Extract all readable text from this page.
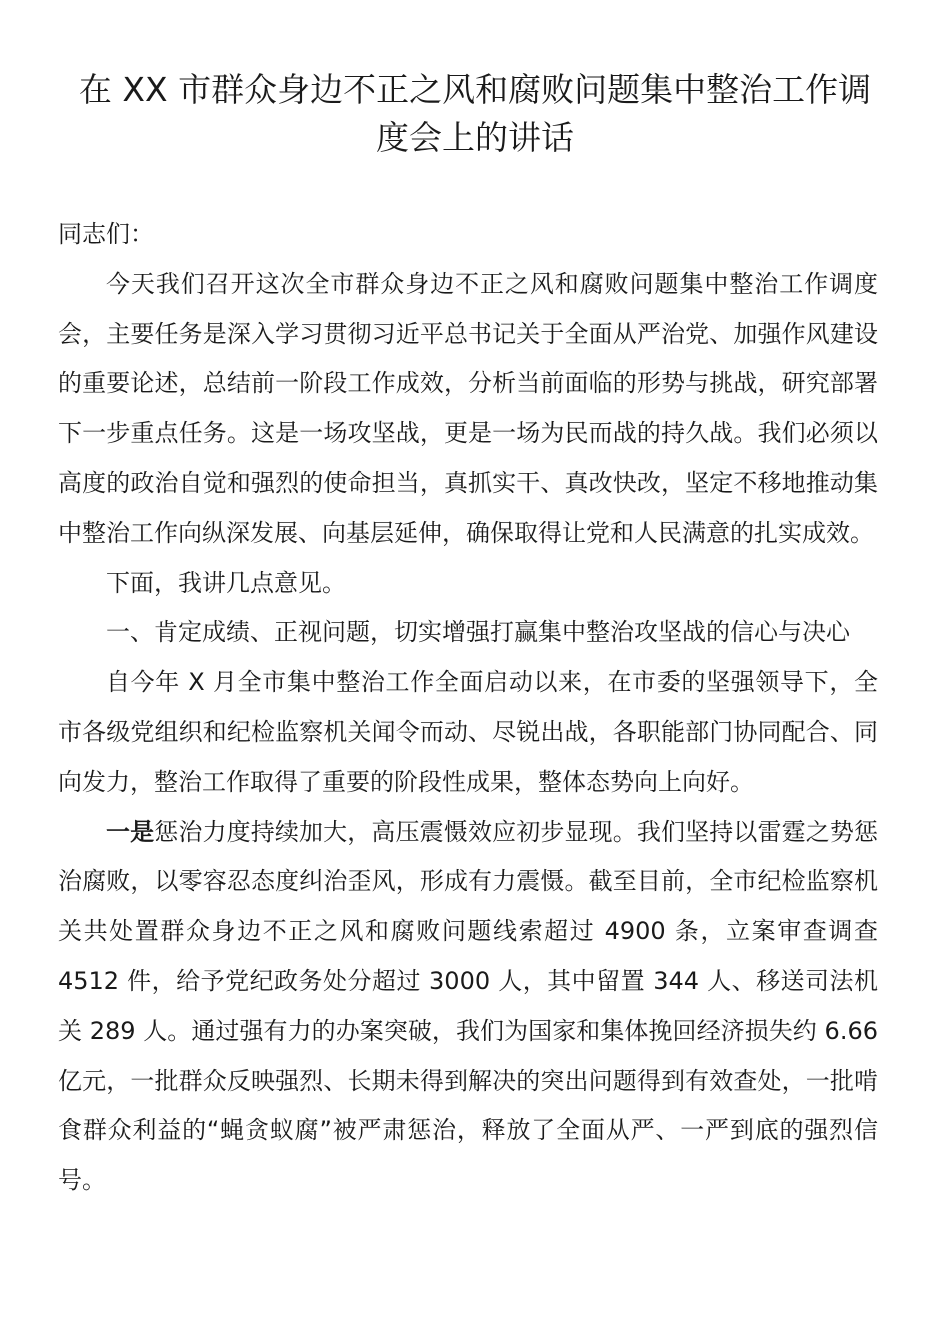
在 XX 市群众身边不正之风和腐败问题集中整治工作调度会上的讲话

同志们：

今天我们召开这次全市群众身边不正之风和腐败问题集中整治工作调度会，主要任务是深入学习贯彻习近平总书记关于全面从严治党、加强作风建设的重要论述，总结前一阶段工作成效，分析当前面临的形势与挑战，研究部署下一步重点任务。这是一场攻坚战，更是一场为民而战的持久战。我们必须以高度的政治自觉和强烈的使命担当，真抓实干、真改快改，坚定不移地推动集中整治工作向纵深发展、向基层延伸，确保取得让党和人民满意的扎实成效。

下面，我讲几点意见。

一、肯定成绩、正视问题，切实增强打赢集中整治攻坚战的信心与决心

自今年 X 月全市集中整治工作全面启动以来，在市委的坚强领导下，全市各级党组织和纪检监察机关闻令而动、尽锐出战，各职能部门协同配合、同向发力，整治工作取得了重要的阶段性成果，整体态势向上向好。

一是惩治力度持续加大，高压震慑效应初步显现。我们坚持以雷霆之势惩治腐败，以零容忍态度纠治歪风，形成有力震慑。截至目前，全市纪检监察机关共处置群众身边不正之风和腐败问题线索超过 4900 条，立案审查调查 4512 件，给予党纪政务处分超过 3000 人，其中留置 344 人、移送司法机关 289 人。通过强有力的办案突破，我们为国家和集体挽回经济损失约 6.66 亿元，一批群众反映强烈、长期未得到解决的突出问题得到有效查处，一批啃食群众利益的“蝇贪蚁腐”被严肃惩治，释放了全面从严、一严到底的强烈信号。
